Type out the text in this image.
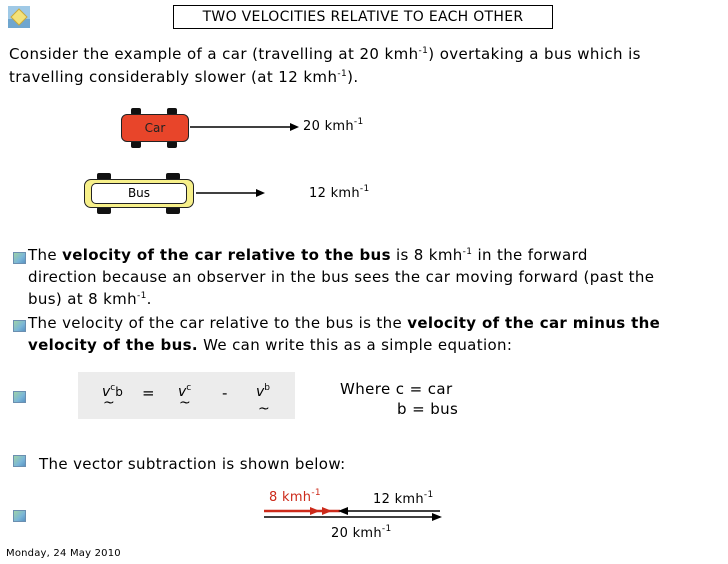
TWO VELOCITIES RELATIVE TO EACH OTHER
Consider the example of a car (travelling at 20 kmh$^{-1}$) overtaking a bus which is
travelling considerably slower (at 12 kmh$^{-1}$).
Car	20 kmh$^{-1}$
Bus	12 kmh$^{-1}$
The velocity of the car relative to the bus is 8 kmh$^{-1}$ in the forward
direction because an observer in the bus sees the car moving forward (past the
bus) at 8 kmh$^{-1}$.
The velocity of the car relative to the bus is the velocity of the car minus the
velocity of the bus. We can write this as a simple equation:
$v^cb$
~
= $v^c$
~
- $v^b$
~
Where c = car
b = bus
The vector subtraction is shown below:
8 kmh$^{-1}$	12 kmh$^{-1}$
20 kmh$^{-1}$
Monday, 24 May 2010
